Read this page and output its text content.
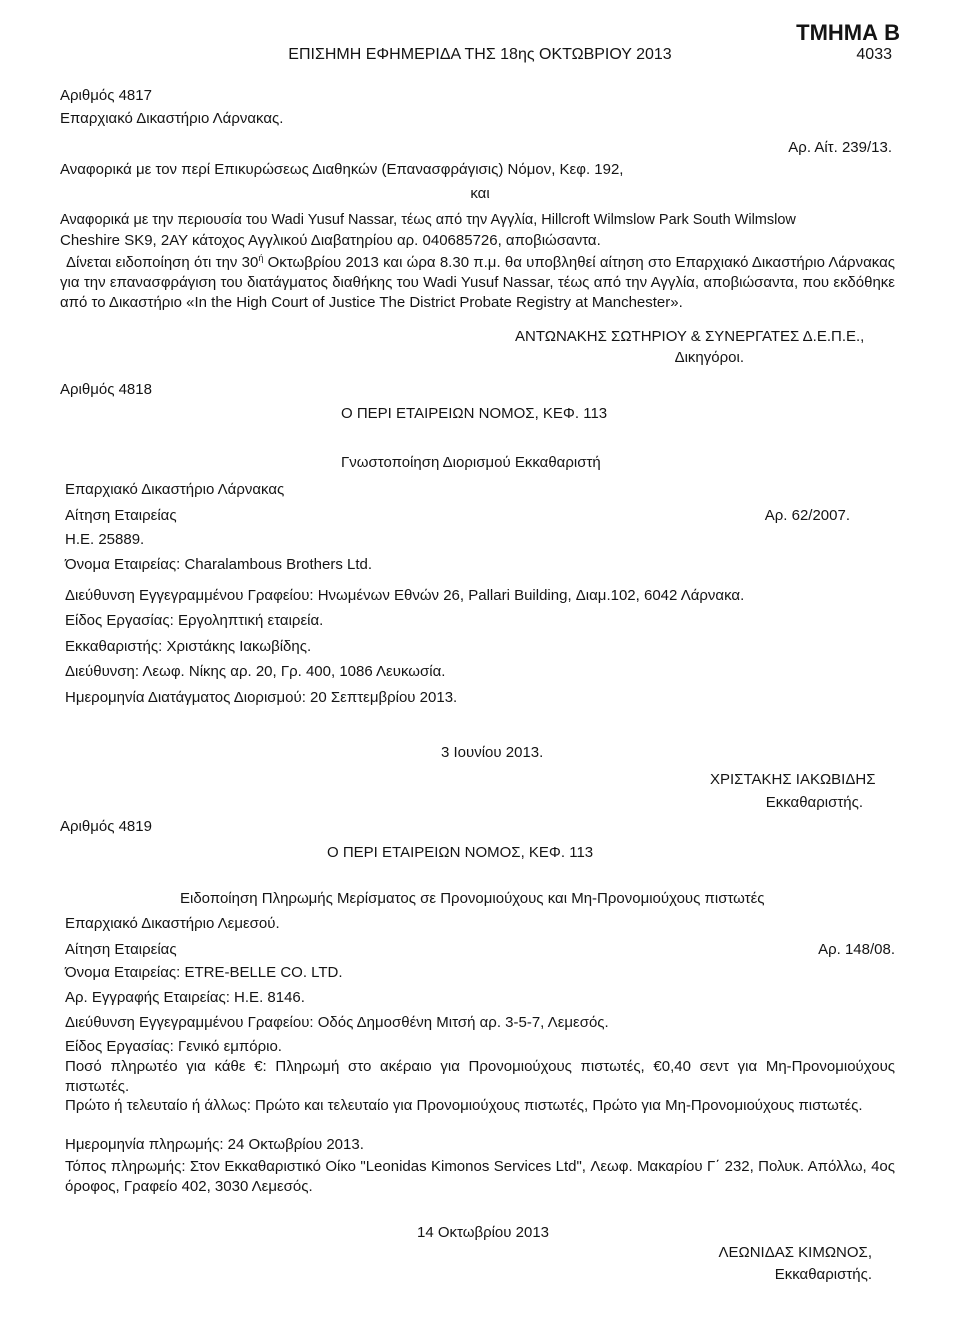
ΤΜΗΜΑ Β
ΕΠΙΣΗΜΗ ΕΦΗΜΕΡΙΔΑ ΤΗΣ 18ης ΟΚΤΩΒΡΙΟΥ 2013	4033
Αριθμός 4817
Επαρχιακό Δικαστήριο Λάρνακας.
Αναφορικά με τον περί Επικυρώσεως Διαθηκών (Επανασφράγισις) Νόμον, Κεφ. 192,
Αρ. Αίτ. 239/13.
και
Αναφορικά με την περιουσία του Wadi Yusuf Nassar, τέως από την Αγγλία, Hillcroft Wilmslow Park South Wilmslow
Cheshire SK9, 2AY κάτοχος Αγγλικού Διαβατηρίου αρ. 040685726, αποβιώσαντα.
Δίνεται ειδοποίηση ότι την $30^ή$ Οκτωβρίου 2013 και ώρα 8.30 π.μ. θα υποβληθεί αίτηση στο Επαρχιακό Δικαστήριο Λάρνακας για την επανασφράγιση του διατάγματος διαθήκης του Wadi Yusuf Nassar, τέως από την Αγγλία, αποβιώσαντα, που εκδόθηκε από το Δικαστήριο «In the High Court of Justice The District Probate Registry at Manchester».
ΑΝΤΩΝΑΚΗΣ ΣΩΤΗΡΙΟΥ & ΣΥΝΕΡΓΑΤΕΣ Δ.Ε.Π.Ε.,
Δικηγόροι.
Αριθμός 4818
Ο ΠΕΡΙ ΕΤΑΙΡΕΙΩΝ ΝΟΜΟΣ, ΚΕΦ. 113
Γνωστοποίηση Διορισμού Εκκαθαριστή
Επαρχιακό Δικαστήριο Λάρνακας
Αίτηση Εταιρείας	Αρ. 62/2007.
Η.Ε. 25889.
Όνομα Εταιρείας: Charalambous Brothers Ltd.
Διεύθυνση Εγγεγραμμένου Γραφείου: Ηνωμένων Εθνών 26, Pallari Building, Διαμ.102, 6042 Λάρνακα.
Είδος Εργασίας: Εργοληπτική εταιρεία.
Εκκαθαριστής: Χριστάκης Ιακωβίδης.
Διεύθυνση: Λεωφ. Νίκης αρ. 20, Γρ. 400, 1086 Λευκωσία.
Ημερομηνία Διατάγματος Διορισμού: 20 Σεπτεμβρίου 2013.
3 Ιουνίου 2013.
ΧΡΙΣΤΑΚΗΣ ΙΑΚΩΒΙΔΗΣ
Εκκαθαριστής.
Αριθμός 4819
Ο ΠΕΡΙ ΕΤΑΙΡΕΙΩΝ ΝΟΜΟΣ, ΚΕΦ. 113
Ειδοποίηση Πληρωμής Μερίσματος σε Προνομιούχους και Μη-Προνομιούχους πιστωτές
Επαρχιακό Δικαστήριο Λεμεσού.
Αίτηση Εταιρείας	Αρ. 148/08.
Όνομα Εταιρείας: ETRE-BELLE CO. LTD.
Αρ. Εγγραφής Εταιρείας: Η.Ε. 8146.
Διεύθυνση Εγγεγραμμένου Γραφείου: Οδός Δημοσθένη Μιτσή αρ. 3-5-7, Λεμεσός.
Είδος Εργασίας: Γενικό εμπόριο.
Ποσό πληρωτέο για κάθε €: Πληρωμή στο ακέραιο για Προνομιούχους πιστωτές, €0,40 σεντ για Μη-Προνομιούχους πιστωτές.
Πρώτο ή τελευταίο ή άλλως: Πρώτο και τελευταίο για Προνομιούχους πιστωτές, Πρώτο για Μη-Προνομιούχους πιστωτές.
Ημερομηνία πληρωμής: 24 Οκτωβρίου 2013.
Τόπος πληρωμής: Στον Εκκαθαριστικό Οίκο "Leonidas Kimonos Services Ltd", Λεωφ. Μακαρίου Γ΄ 232, Πολυκ. Απόλλω, 4ος όροφος, Γραφείο 402, 3030 Λεμεσός.
14 Οκτωβρίου 2013
ΛΕΩΝΙΔΑΣ ΚΙΜΩΝΟΣ,
Εκκαθαριστής.
